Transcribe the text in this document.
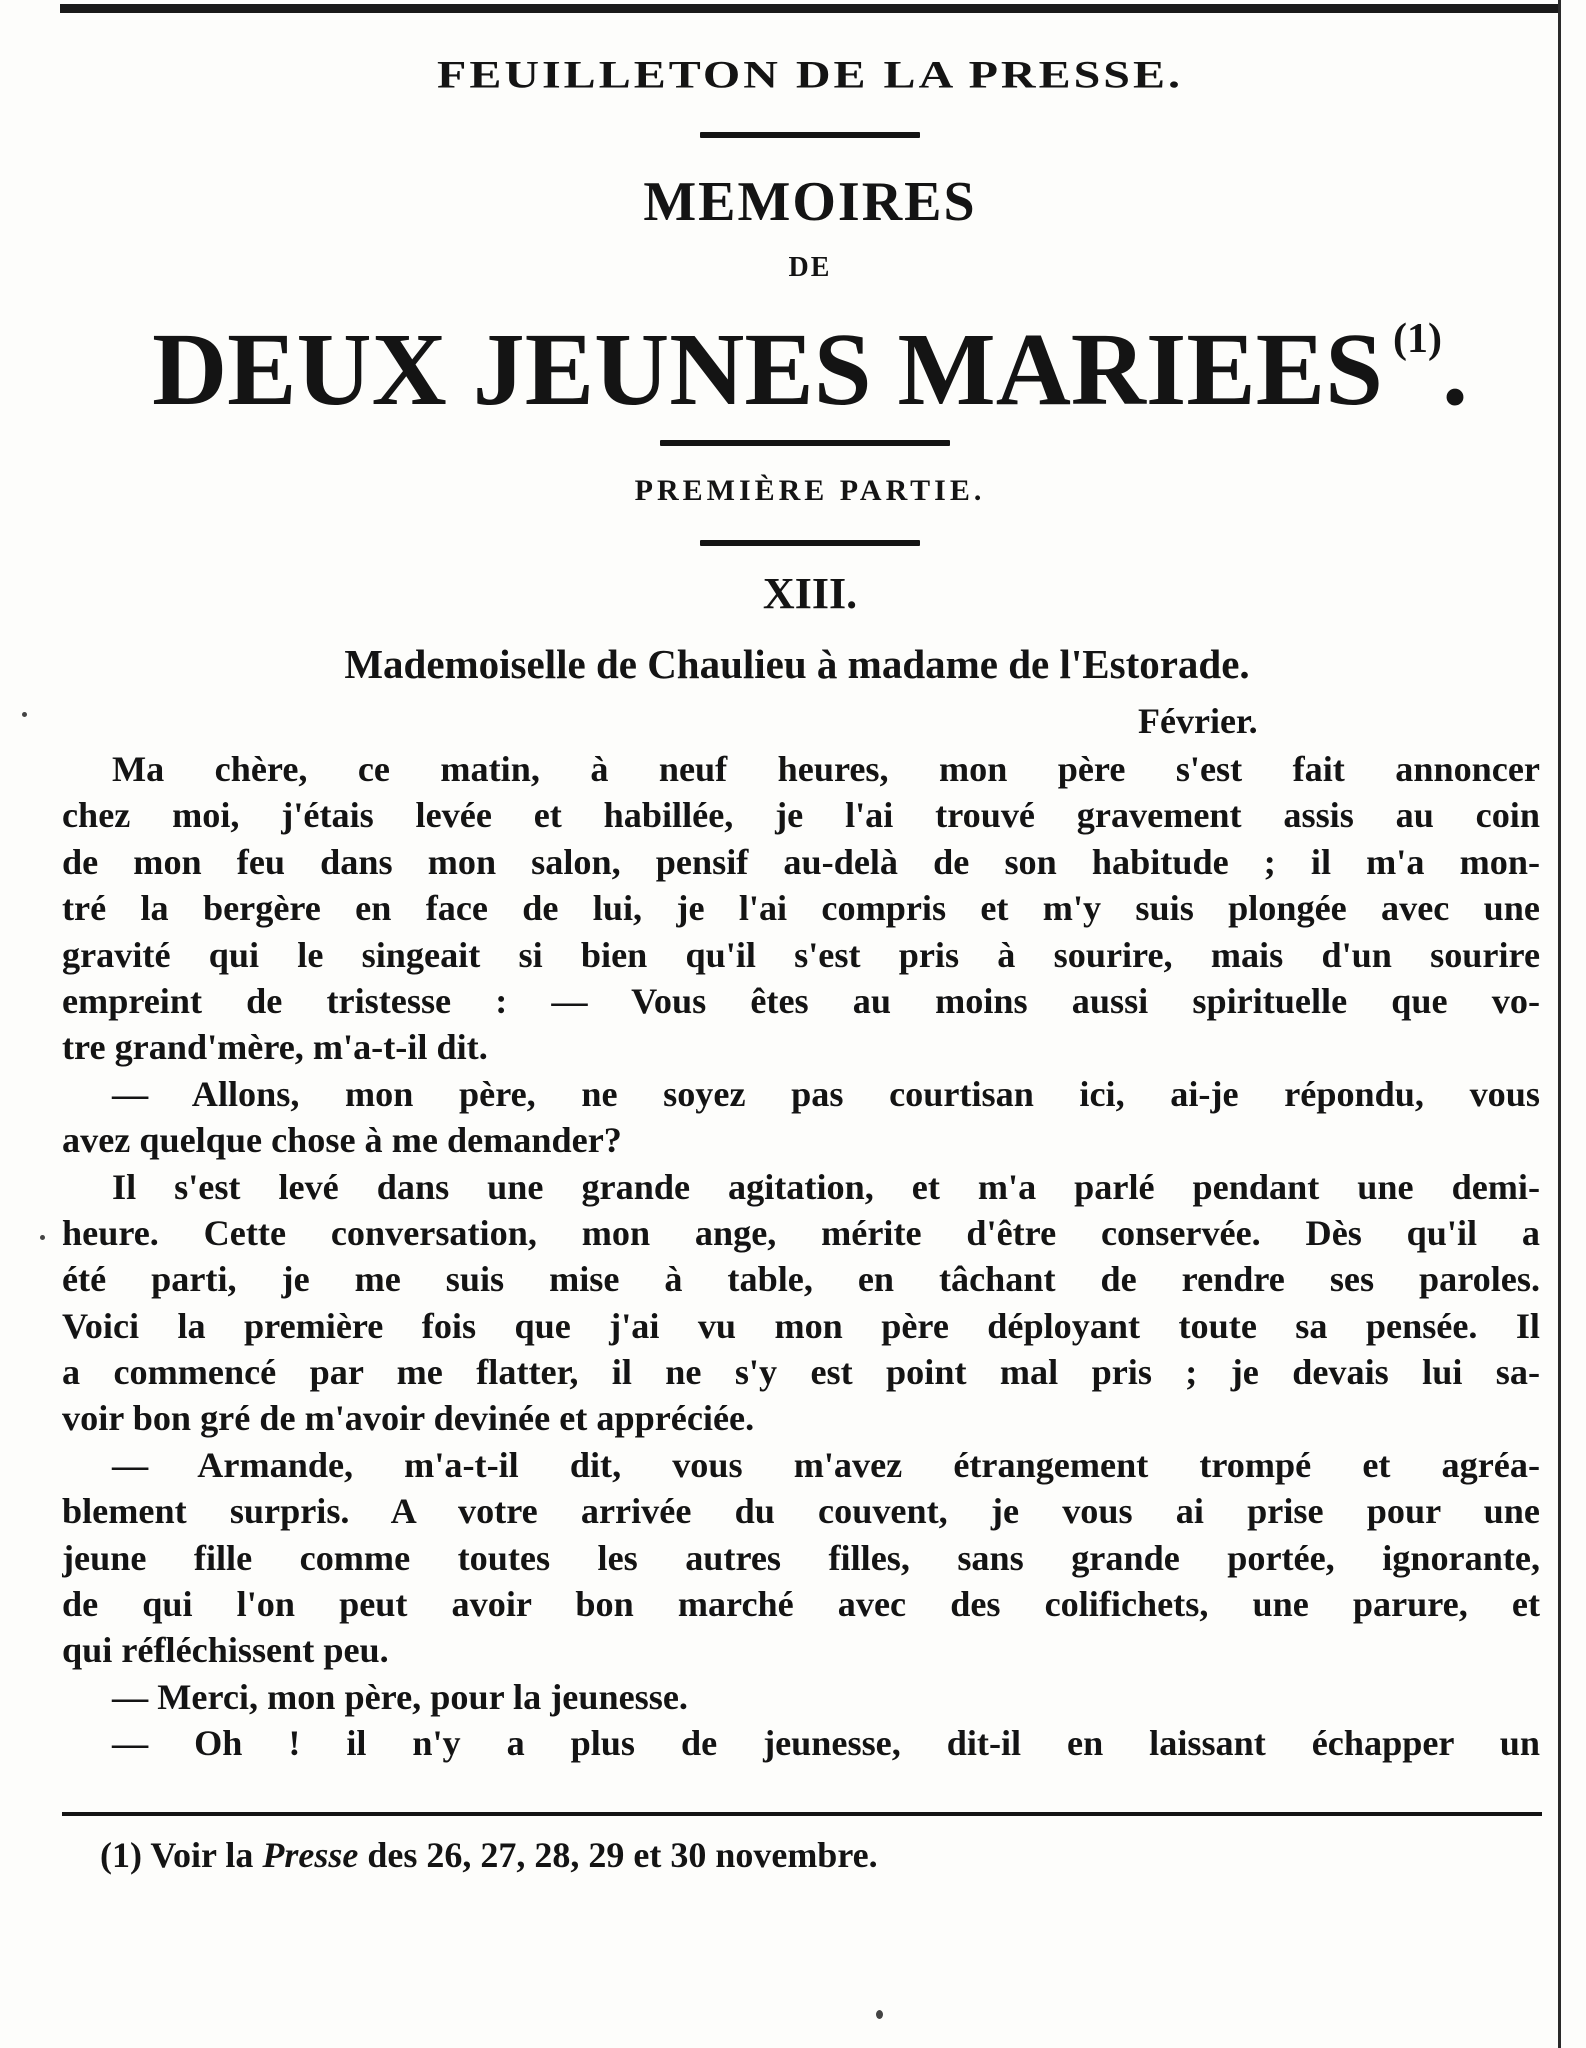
FEUILLETON DE LA PRESSE.
MEMOIRES
DE
DEUX JEUNES MARIEES $^{(1)}$.
PREMIÈRE PARTIE.
XIII.
Mademoiselle de Chaulieu à madame de l'Estorade.
Février.
Ma chère, ce matin, à neuf heures, mon père s'est fait annoncer
chez moi, j'étais levée et habillée, je l'ai trouvé gravement assis au coin
de mon feu dans mon salon, pensif au-delà de son habitude ; il m'a mon-
tré la bergère en face de lui, je l'ai compris et m'y suis plongée avec une
gravité qui le singeait si bien qu'il s'est pris à sourire, mais d'un sourire
empreint de tristesse : — Vous êtes au moins aussi spirituelle que vo-
tre grand'mère, m'a-t-il dit.
— Allons, mon père, ne soyez pas courtisan ici, ai-je répondu, vous
avez quelque chose à me demander?
Il s'est levé dans une grande agitation, et m'a parlé pendant une demi-
heure. Cette conversation, mon ange, mérite d'être conservée. Dès qu'il a
été parti, je me suis mise à table, en tâchant de rendre ses paroles.
Voici la première fois que j'ai vu mon père déployant toute sa pensée. Il
a commencé par me flatter, il ne s'y est point mal pris ; je devais lui sa-
voir bon gré de m'avoir devinée et appréciée.
— Armande, m'a-t-il dit, vous m'avez étrangement trompé et agréa-
blement surpris. A votre arrivée du couvent, je vous ai prise pour une
jeune fille comme toutes les autres filles, sans grande portée, ignorante,
de qui l'on peut avoir bon marché avec des colifichets, une parure, et
qui réfléchissent peu.
— Merci, mon père, pour la jeunesse.
— Oh ! il n'y a plus de jeunesse, dit-il en laissant échapper un
(1) Voir la Presse des 26, 27, 28, 29 et 30 novembre.
